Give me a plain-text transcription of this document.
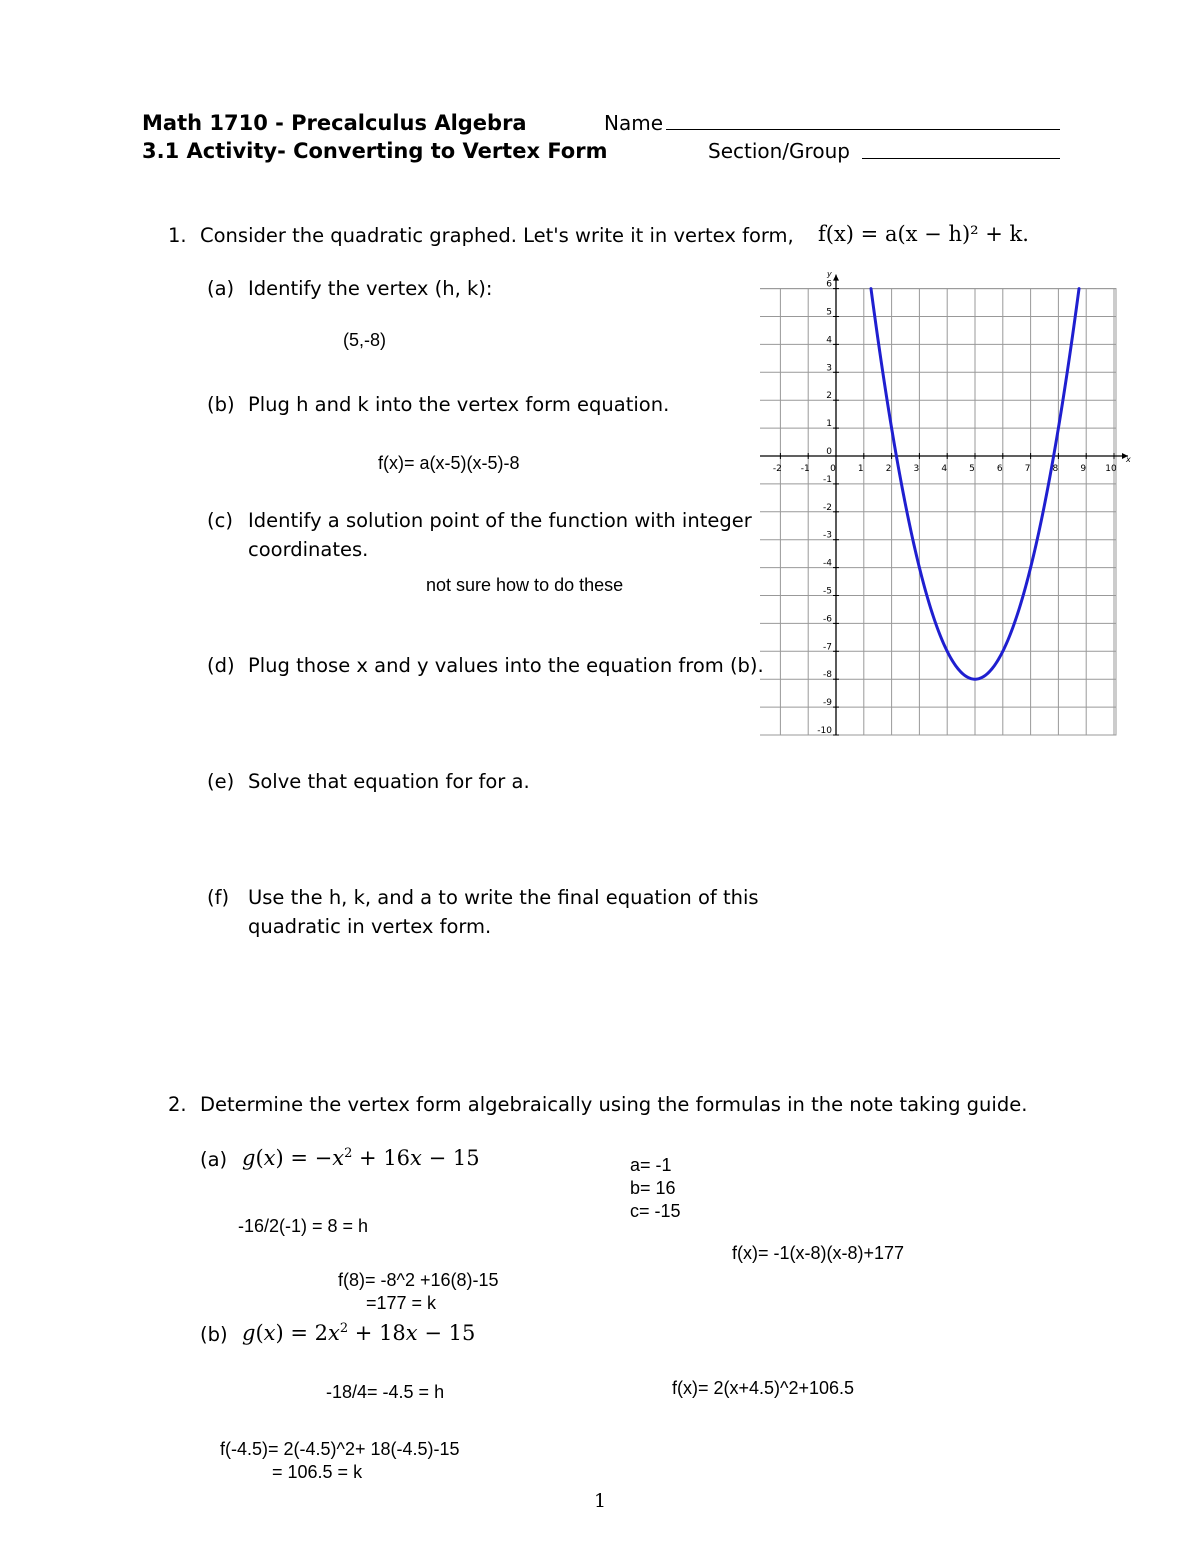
Math 1710 - Precalculus Algebra
3.1 Activity- Converting to Vertex Form
Name
Section/Group
1. Consider the quadratic graphed. Let's write it in vertex form, f(x) = a(x − h)² + k.
(a) Identify the vertex (h, k):
(5,-8)
(b) Plug h and k into the vertex form equation.
f(x)= a(x-5)(x-5)-8
(c) Identify a solution point of the function with integer
coordinates.
not sure how to do these
(d) Plug those x and y values into the equation from (b).
(e) Solve that equation for for a.
(f) Use the h, k, and a to write the final equation of this
quadratic in vertex form.
x
y
-2 -1 0 1 2 3 4 5 6 7 8 9 10
6
5
4
3
2
1
0
-1
-2
-3
-4
-5
-6
-7
-8
-9
-10
2. Determine the vertex form algebraically using the formulas in the note taking guide.
(a) $g(x) = -x^2 + 16x - 15$	a= -1
b= 16
c= -15
-16/2(-1) = 8 = h
f(x)= -1(x-8)(x-8)+177
f(8)= -8^2 +16(8)-15
=177 = k
(b) $g(x) = 2x^2 + 18x - 15$
f(x)= 2(x+4.5)^2+106.5
-18/4= -4.5 = h
f(-4.5)= 2(-4.5)^2+ 18(-4.5)-15
= 106.5 = k
1
